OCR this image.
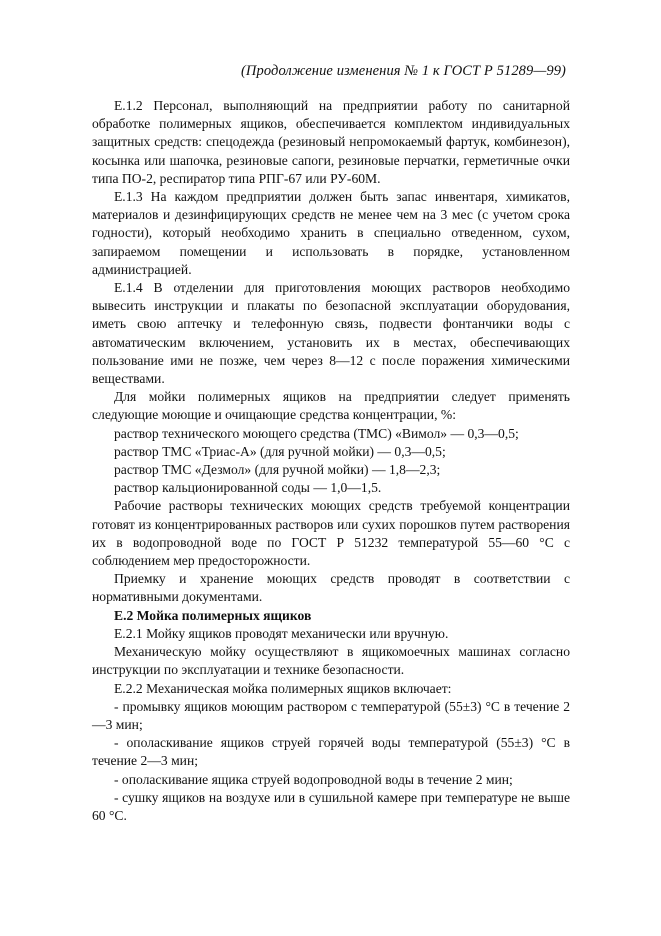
(Продолжение изменения № 1 к ГОСТ Р 51289—99)

Е.1.2 Персонал, выполняющий на предприятии работу по санитарной обработке полимерных ящиков, обеспечивается комплектом индивидуальных защитных средств: спецодежда (резиновый непромокаемый фартук, комбинезон), косынка или шапочка, резиновые сапоги, резиновые перчатки, герметичные очки типа ПО-2, респиратор типа РПГ-67 или РУ-60М.

Е.1.3 На каждом предприятии должен быть запас инвентаря, химикатов, материалов и дезинфицирующих средств не менее чем на 3 мес (с учетом срока годности), который необходимо хранить в специально отведенном, сухом, запираемом помещении и использовать в порядке, установленном администрацией.

Е.1.4 В отделении для приготовления моющих растворов необходимо вывесить инструкции и плакаты по безопасной эксплуатации оборудования, иметь свою аптечку и телефонную связь, подвести фонтанчики воды с автоматическим включением, установить их в местах, обеспечивающих пользование ими не позже, чем через 8—12 с после поражения химическими веществами.

Для мойки полимерных ящиков на предприятии следует применять следующие моющие и очищающие средства концентрации, %:

раствор технического моющего средства (ТМС) «Вимол» — 0,3—0,5;

раствор ТМС «Триас-А» (для ручной мойки) — 0,3—0,5;

раствор ТМС «Дезмол» (для ручной мойки) — 1,8—2,3;

раствор кальционированной соды — 1,0—1,5.

Рабочие растворы технических моющих средств требуемой концентрации готовят из концентрированных растворов или сухих порошков путем растворения их в водопроводной воде по ГОСТ Р 51232 температурой 55—60 °С с соблюдением мер предосторожности.

Приемку и хранение моющих средств проводят в соответствии с нормативными документами.

Е.2 Мойка полимерных ящиков

Е.2.1 Мойку ящиков проводят механически или вручную.

Механическую мойку осуществляют в ящикомоечных машинах согласно инструкции по эксплуатации и технике безопасности.

Е.2.2 Механическая мойка полимерных ящиков включает:

- промывку ящиков моющим раствором с температурой (55±3) °С в течение 2—3 мин;

- ополаскивание ящиков струей горячей воды температурой (55±3) °С в течение 2—3 мин;

- ополаскивание ящика струей водопроводной воды в течение 2 мин;

- сушку ящиков на воздухе или в сушильной камере при температуре не выше 60 °С.
